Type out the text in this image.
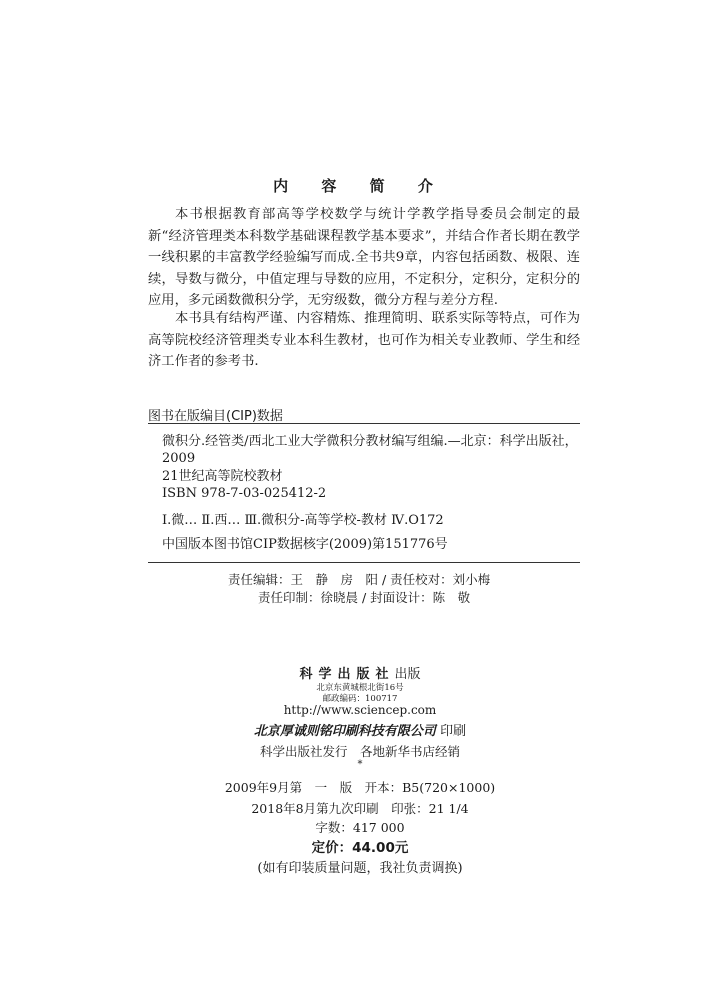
内 容 简 介
本书根据教育部高等学校数学与统计学教学指导委员会制定的最新“经济管理类本科数学基础课程教学基本要求”，并结合作者长期在教学一线积累的丰富教学经验编写而成.全书共9章，内容包括函数、极限、连续，导数与微分，中值定理与导数的应用，不定积分，定积分，定积分的应用，多元函数微积分学，无穷级数，微分方程与差分方程.
本书具有结构严谨、内容精炼、推理简明、联系实际等特点，可作为高等院校经济管理类专业本科生教材，也可作为相关专业教师、学生和经济工作者的参考书.
图书在版编目(CIP)数据
微积分.经管类/西北工业大学微积分教材编写组编.—北京：科学出版社，2009
21世纪高等院校教材
ISBN 978-7-03-025412-2
Ⅰ.微… Ⅱ.西… Ⅲ.微积分-高等学校-教材 Ⅳ.O172
中国版本图书馆CIP数据核字(2009)第151776号
责任编辑：王　静　房　阳 / 责任校对：刘小梅
责任印制：徐晓晨 / 封面设计：陈　敬
科学出版社出版
北京东黄城根北街16号
邮政编码：100717
http://www.sciencep.com
北京厚诚则铭印刷科技有限公司 印刷
科学出版社发行　各地新华书店经销
*
2009年9月第　一　版　开本：B5(720×1000)
2018年8月第九次印刷　印张：21 1/4
字数：417 000
定价：44.00元
(如有印装质量问题，我社负责调换)
